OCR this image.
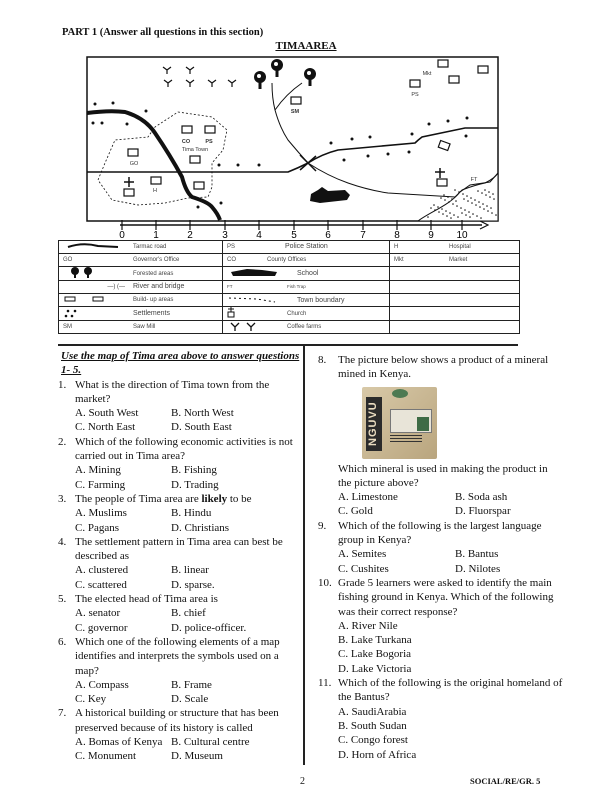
PART 1 (Answer all questions in this section)
TIMAAREA
CO	PS
Tima Town
GO
H
SM
Mkt
PS
FT
0	1	2	3	4	5	6	7	8	9 10
Tarmac road	PS Police Station	H Hospital
GO Governor's Office	CO County Offices	Mkt Market
Forested areas	School	
—) (— River and bridge	FT Fish Trap	
Build- up areas	Town boundary	
Settlements	Church	
SM Saw Mill	Coffee farms	
Use the map of Tima area above to answer questions 1- 5.
1. What is the direction of Tima town from the market?
A. South West	B. North West
C. North East	D. South East
2. Which of the following economic activities is not carried out in Tima area?
A. Mining	B. Fishing
C. Farming	D. Trading
3. The people of Tima area are likely to be
A. Muslims	B. Hindu
C. Pagans	D. Christians
4. The settlement pattern in Tima area can best be described as
A. clustered	B. linear
C. scattered	D. sparse.
5. The elected head of Tima area is
A. senator	B. chief
C. governor	D. police-officer.
6. Which one of the following elements of a map identifies and interprets the symbols used on a map?
A. Compass	B. Frame
C. Key	D. Scale
7. A historical building or structure that has been preserved because of its history is called
A. Bomas of Kenya B. Cultural centre
C. Monument	D. Museum
8. The picture below shows a product of a mineral mined in Kenya.
NGUVU
Which mineral is used in making the product in the picture above?
A. Limestone	B. Soda ash
C. Gold	D. Fluorspar
9. Which of the following is the largest language group in Kenya?
A. Semites	B. Bantus
C. Cushites	D. Nilotes
10. Grade 5 learners were asked to identify the main fishing ground in Kenya. Which of the following was their correct response?
A. River Nile
B. Lake Turkana
C. Lake Bogoria
D. Lake Victoria
11. Which of the following is the original homeland of the Bantus?
A. SaudiArabia
B. South Sudan
C. Congo forest
D. Horn of Africa
2	SOCIAL/RE/GR. 5
